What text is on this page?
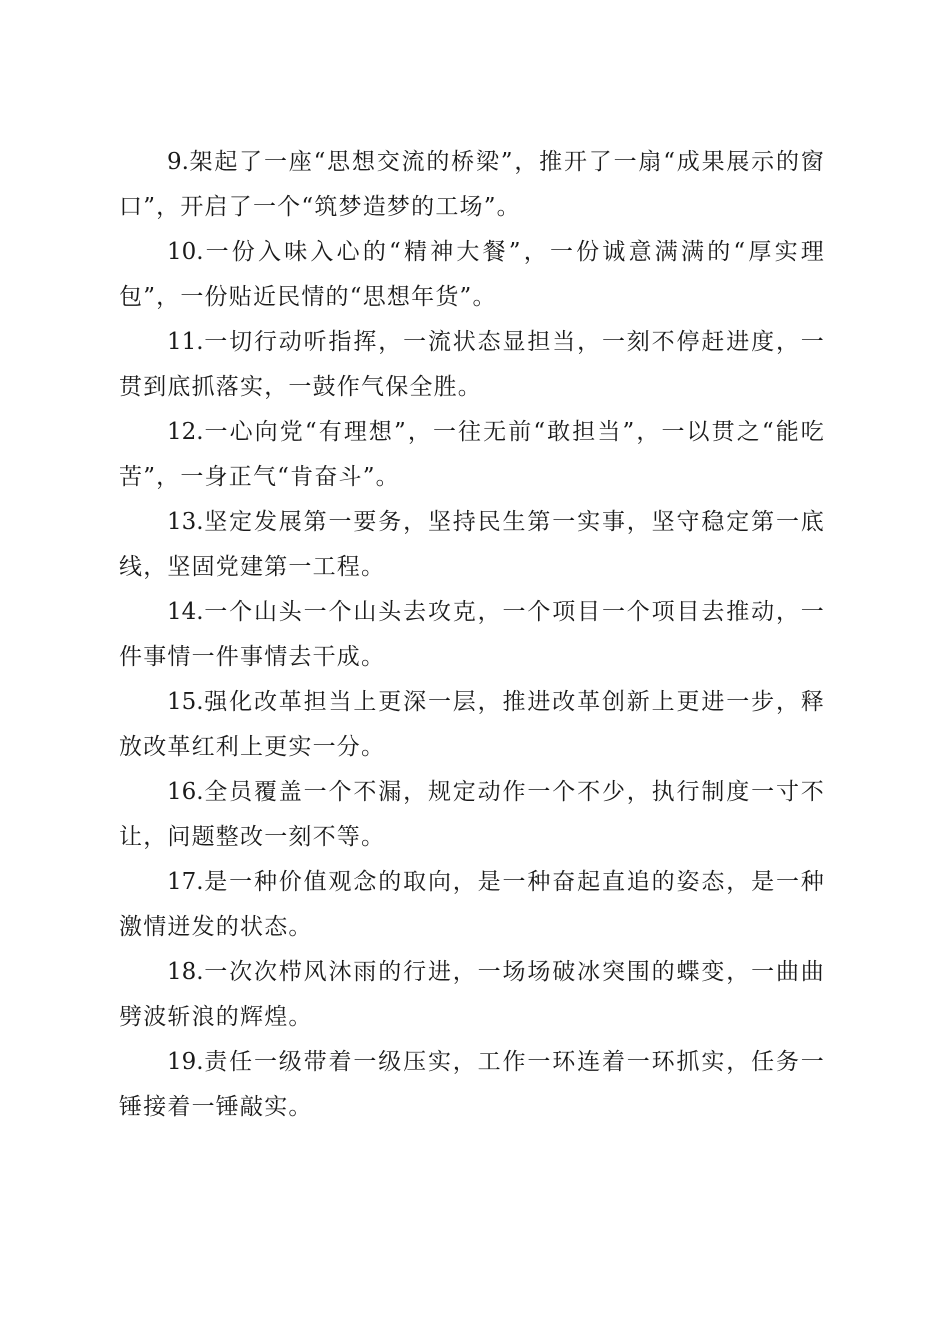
9.架起了一座“思想交流的桥梁”，推开了一扇“成果展示的窗口”，开启了一个“筑梦造梦的工场”。

10.一份入味入心的“精神大餐”，一份诚意满满的“厚实理包”，一份贴近民情的“思想年货”。

11.一切行动听指挥，一流状态显担当，一刻不停赶进度，一贯到底抓落实，一鼓作气保全胜。

12.一心向党“有理想”，一往无前“敢担当”，一以贯之“能吃苦”，一身正气“肯奋斗”。

13.坚定发展第一要务，坚持民生第一实事，坚守稳定第一底线，坚固党建第一工程。

14.一个山头一个山头去攻克，一个项目一个项目去推动，一件事情一件事情去干成。

15.强化改革担当上更深一层，推进改革创新上更进一步，释放改革红利上更实一分。

16.全员覆盖一个不漏，规定动作一个不少，执行制度一寸不让，问题整改一刻不等。

17.是一种价值观念的取向，是一种奋起直追的姿态，是一种激情迸发的状态。

18.一次次栉风沐雨的行进，一场场破冰突围的蝶变，一曲曲劈波斩浪的辉煌。

19.责任一级带着一级压实，工作一环连着一环抓实，任务一锤接着一锤敲实。
